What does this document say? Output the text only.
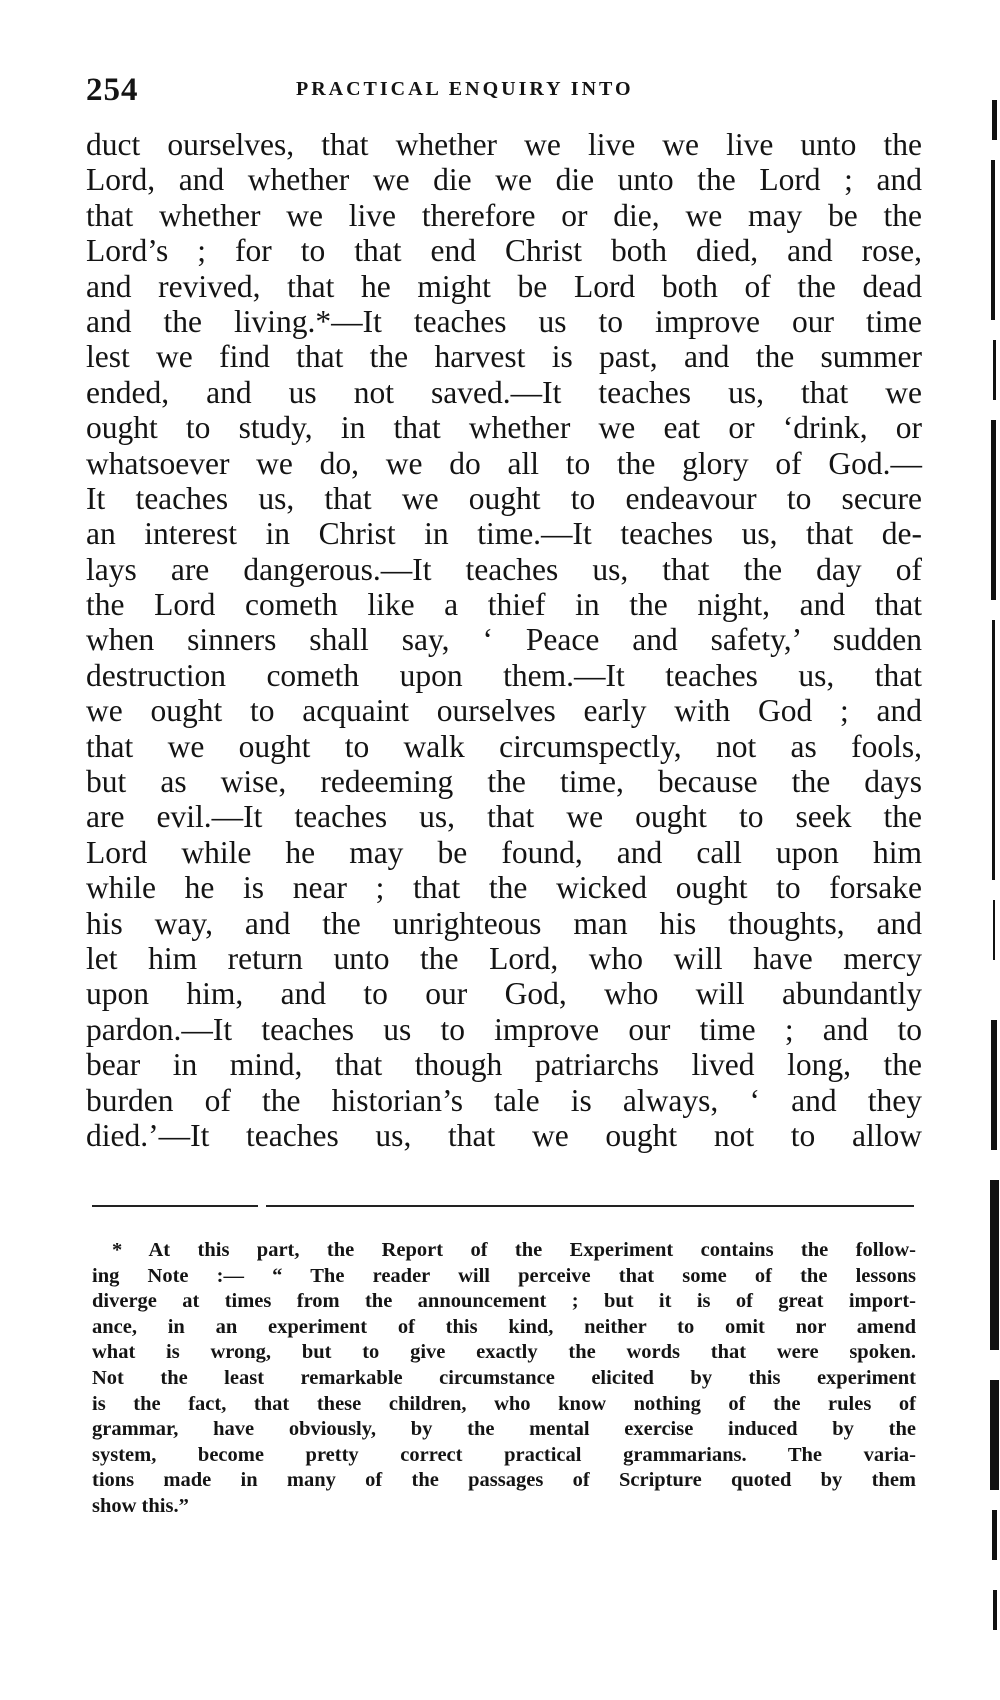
254	PRACTICAL ENQUIRY INTO
duct ourselves, that whether we live we live unto the
Lord, and whether we die we die unto the Lord ; and
that whether we live therefore or die, we may be the
Lord’s ; for to that end Christ both died, and rose,
and revived, that he might be Lord both of the dead
and the living.*—It teaches us to improve our time
lest we find that the harvest is past, and the summer
ended, and us not saved.—It teaches us, that we
ought to study, in that whether we eat or ‘drink, or
whatsoever we do, we do all to the glory of God.—
It teaches us, that we ought to endeavour to secure
an interest in Christ in time.—It teaches us, that de-
lays are dangerous.—It teaches us, that the day of
the Lord cometh like a thief in the night, and that
when sinners shall say, ‘ Peace and safety,’ sudden
destruction cometh upon them.—It teaches us, that
we ought to acquaint ourselves early with God ; and
that we ought to walk circumspectly, not as fools,
but as wise, redeeming the time, because the days
are evil.—It teaches us, that we ought to seek the
Lord while he may be found, and call upon him
while he is near ; that the wicked ought to forsake
his way, and the unrighteous man his thoughts, and
let him return unto the Lord, who will have mercy
upon him, and to our God, who will abundantly
pardon.—It teaches us to improve our time ; and to
bear in mind, that though patriarchs lived long, the
burden of the historian’s tale is always, ‘ and they
died.’—It teaches us, that we ought not to allow
* At this part, the Report of the Experiment contains the follow-
ing Note :— “ The reader will perceive that some of the lessons
diverge at times from the announcement ; but it is of great import-
ance, in an experiment of this kind, neither to omit nor amend
what is wrong, but to give exactly the words that were spoken.
Not the least remarkable circumstance elicited by this experiment
is the fact, that these children, who know nothing of the rules of
grammar, have obviously, by the mental exercise induced by the
system, become pretty correct practical grammarians. The varia-
tions made in many of the passages of Scripture quoted by them
show this.”
